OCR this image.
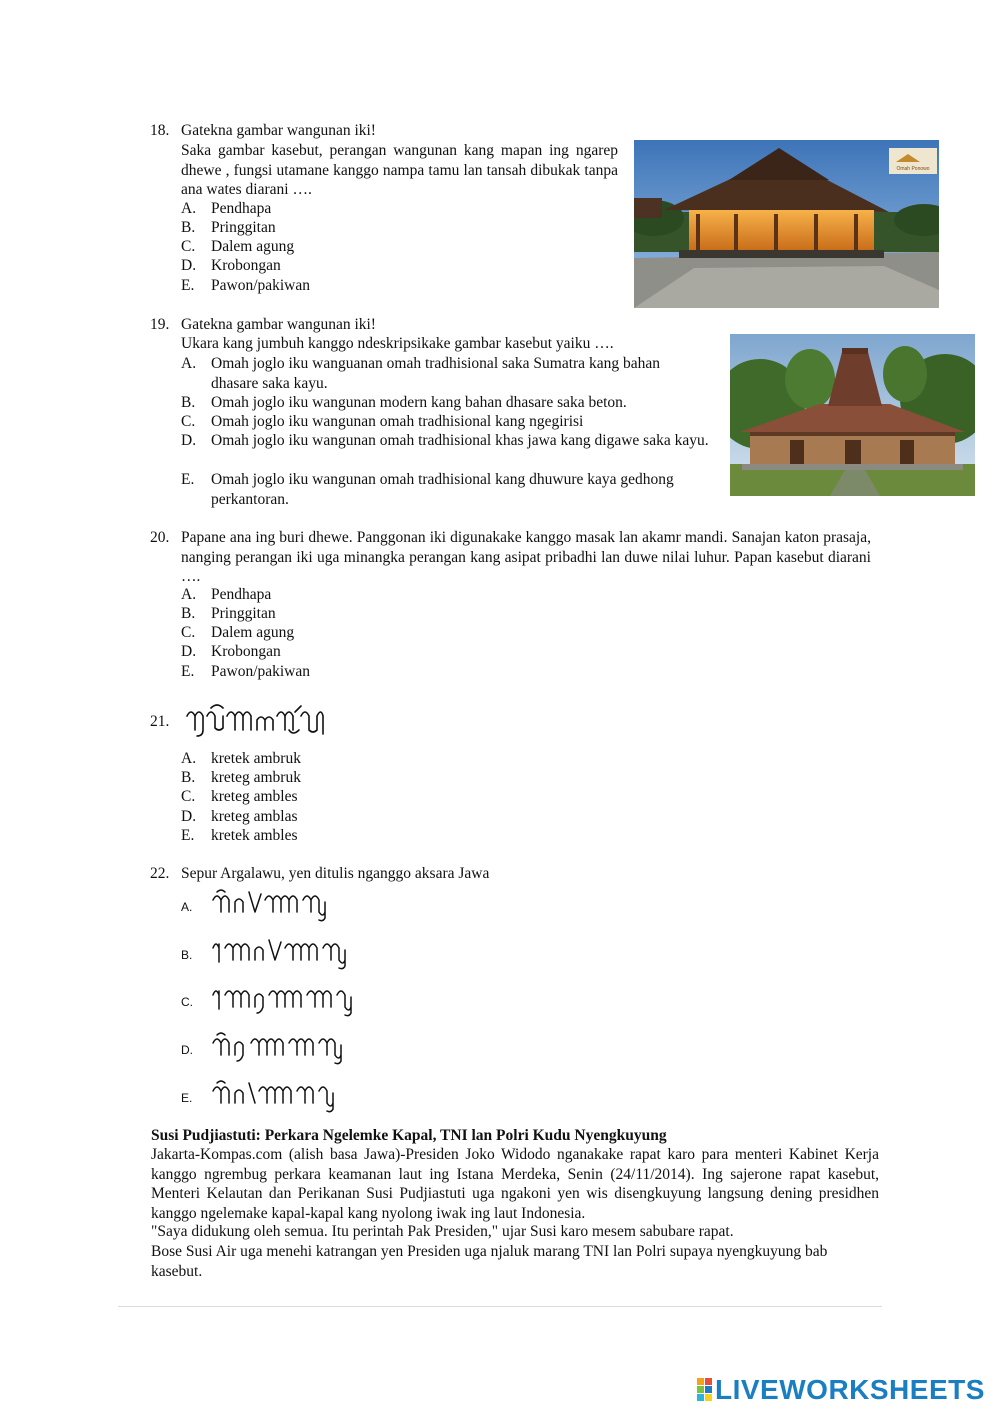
18. Gatekna gambar wangunan iki!
Saka gambar kasebut, perangan wangunan kang mapan ing ngarep dhewe , fungsi utamane kanggo nampa tamu lan tansah dibukak tanpa ana wates diarani ….
A. Pendhapa
B. Pringgitan
C. Dalem agung
D. Krobongan
E. Pawon/pakiwan
Omah Ponowo
19. Gatekna gambar wangunan iki!
Ukara kang jumbuh kanggo ndeskripsikake gambar kasebut yaiku ….
A. Omah joglo iku wanguanan omah tradhisional saka Sumatra kang bahan dhasare saka kayu.
B. Omah joglo iku wangunan modern kang bahan dhasare saka beton.
C. Omah joglo iku wangunan omah tradhisional kang ngegirisi
D. Omah joglo iku wangunan omah tradhisional khas jawa kang digawe saka kayu.
E. Omah joglo iku wangunan omah tradhisional kang dhuwure kaya gedhong perkantoran.
20. Papane ana ing buri dhewe. Panggonan iki digunakake kanggo masak lan akamr mandi. Sanajan katon prasaja, nanging perangan iki uga minangka perangan kang asipat pribadhi lan duwe nilai luhur. Papan kasebut diarani ….
A. Pendhapa
B. Pringgitan
C. Dalem agung
D. Krobongan
E. Pawon/pakiwan
21.
A. kretek ambruk
B. kreteg ambruk
C. kreteg ambles
D. kreteg amblas
E. kretek ambles
22. Sepur Argalawu, yen ditulis nganggo aksara Jawa
A.
B.
C.
D.
E.
Susi Pudjiastuti: Perkara Ngelemke Kapal, TNI lan Polri Kudu Nyengkuyung
Jakarta-Kompas.com (alish basa Jawa)-Presiden Joko Widodo nganakake rapat karo para menteri Kabinet Kerja kanggo ngrembug perkara keamanan laut ing Istana Merdeka, Senin (24/11/2014). Ing sajerone rapat kasebut, Menteri Kelautan dan Perikanan Susi Pudjiastuti uga ngakoni yen wis disengkuyung langsung dening presidhen kanggo ngelemake kapal-kapal kang nyolong iwak ing laut Indonesia.
"Saya didukung oleh semua. Itu perintah Pak Presiden," ujar Susi karo mesem sabubare rapat.
Bose Susi Air uga menehi katrangan yen Presiden uga njaluk marang TNI lan Polri supaya nyengkuyung bab kasebut.
LIVEWORKSHEETS
